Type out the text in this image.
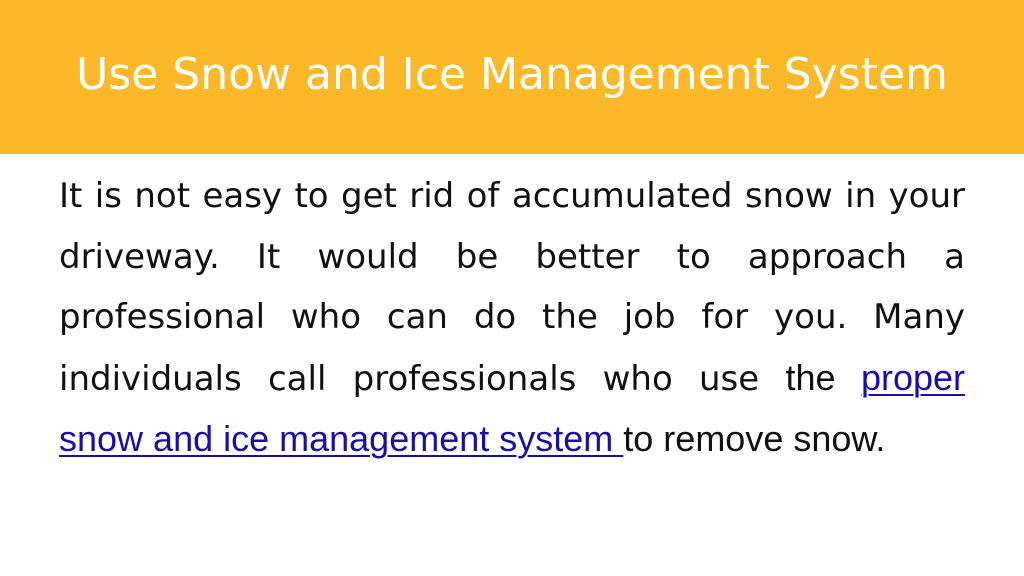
Use Snow and Ice Management System

It is not easy to get rid of accumulated snow in your driveway. It would be better to approach a professional who can do the job for you. Many individuals call professionals who use the proper snow and ice management system to remove snow.
